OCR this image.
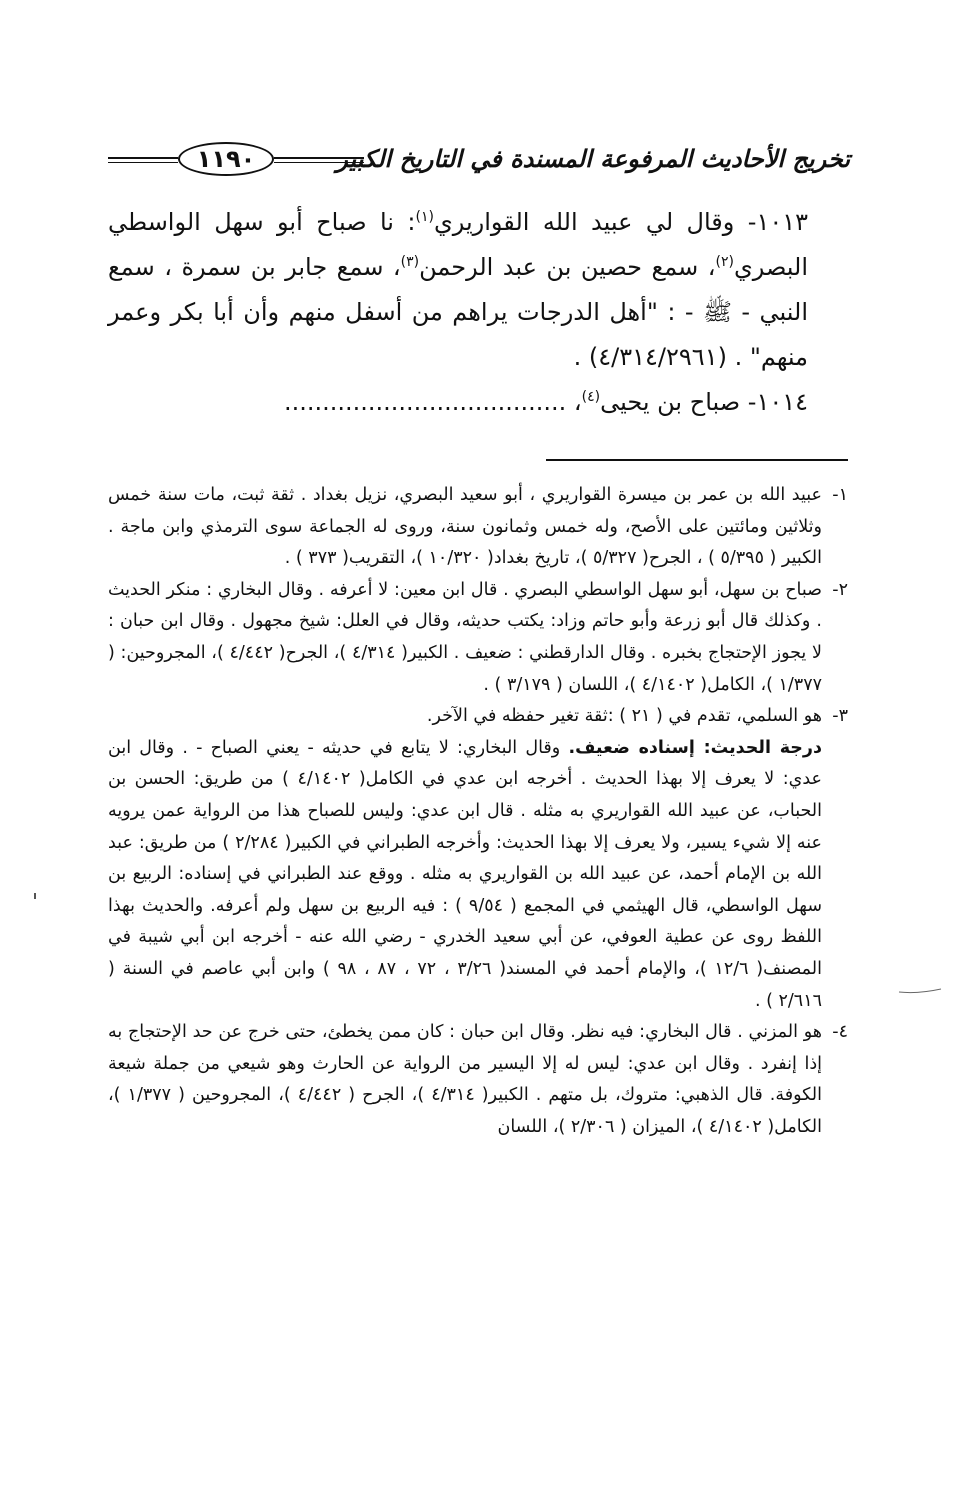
١١٩٠	تخريج الأحاديث المرفوعة المسندة في التاريخ الكبير

١٠١٣- وقال لي عبيد الله القواريري$^{(١)}$: نا صباح أبو سهل الواسطي البصري$^{(٢)}$، سمع حصين بن عبد الرحمن$^{(٣)}$، سمع جابر بن سمرة ، سمع النبي - ﷺ - : "أهل الدرجات يراهم من أسفل منهم وأن أبا بكر وعمر منهم" . (٤/٣١٤/٢٩٦١) .

١٠١٤- صباح بن يحيى$^{(٤)}$، .....................................

١-
عبيد الله بن عمر بن ميسرة القواريري ، أبو سعيد البصري، نزيل بغداد . ثقة ثبت، مات سنة خمس وثلاثين ومائتين على الأصح، وله خمس وثمانون سنة، وروى له الجماعة سوى الترمذي وابن ماجة . الكبير ( ٥/٣٩٥ ) ، الجرح( ٥/٣٢٧ )، تاريخ بغداد( ١٠/٣٢٠ )، التقريب( ٣٧٣ ) .

٢-
صباح بن سهل، أبو سهل الواسطي البصري . قال ابن معين: لا أعرفه . وقال البخاري : منكر الحديث . وكذلك قال أبو زرعة وأبو حاتم وزاد: يكتب حديثه، وقال في العلل: شيخ مجهول . وقال ابن حبان : لا يجوز الإحتجاج بخبره . وقال الدارقطني : ضعيف . الكبير( ٤/٣١٤ )، الجرح( ٤/٤٤٢ )، المجروحين: ( ١/٣٧٧ )، الكامل( ٤/١٤٠٢ )، اللسان ( ٣/١٧٩ ) .

٣-
هو السلمي، تقدم في ( ٢١ ) :ثقة تغير حفظه في الآخر.
درجة الحديث: إسناده ضعيف. وقال البخاري: لا يتابع في حديثه - يعني الصباح - . وقال ابن عدي: لا يعرف إلا بهذا الحديث . أخرجه ابن عدي في الكامل( ٤/١٤٠٢ ) من طريق: الحسن بن الحباب، عن عبيد الله القواريري به مثله . قال ابن عدي: وليس للصباح هذا من الرواية عمن يرويه عنه إلا شيء يسير، ولا يعرف إلا بهذا الحديث: وأخرجه الطبراني في الكبير( ٢/٢٨٤ ) من طريق: عبد الله بن الإمام أحمد، عن عبيد الله بن القواريري به مثله . ووقع عند الطبراني في إسناده: الربيع بن سهل الواسطي، قال الهيثمي في المجمع ( ٩/٥٤ ) : فيه الربيع بن سهل ولم أعرفه. والحديث بهذا اللفظ روى عن عطية العوفي، عن أبي سعيد الخدري - رضي الله عنه - أخرجه ابن أبي شيبة في المصنف( ١٢/٦ )، والإمام أحمد في المسند( ٣/٢٦ ، ٧٢ ، ٨٧ ، ٩٨ ) وابن أبي عاصم في السنة ( ٢/٦١٦ ) .

٤-
هو المزني . قال البخاري: فيه نظر. وقال ابن حبان : كان ممن يخطئ، حتى خرج عن حد الإحتجاج به إذا إنفرد . وقال ابن عدي: ليس له إلا اليسير من الرواية عن الحارث وهو شيعي من جملة شيعة الكوفة. قال الذهبي: متروك، بل متهم . الكبير( ٤/٣١٤ )، الجرح ( ٤/٤٤٢ )، المجروحين ( ١/٣٧٧ )، الكامل( ٤/١٤٠٢ )، الميزان ( ٢/٣٠٦ )، اللسان
